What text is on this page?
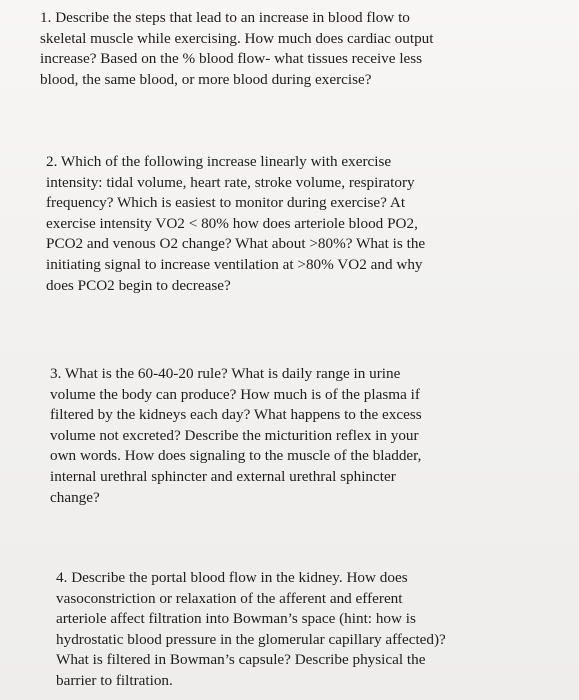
1. Describe the steps that lead to an increase in blood flow to
skeletal muscle while exercising. How much does cardiac output
increase? Based on the % blood flow- what tissues receive less
blood, the same blood, or more blood during exercise?

2. Which of the following increase linearly with exercise
intensity: tidal volume, heart rate, stroke volume, respiratory
frequency? Which is easiest to monitor during exercise? At
exercise intensity VO2 < 80% how does arteriole blood PO2,
PCO2 and venous O2 change? What about >80%? What is the
initiating signal to increase ventilation at >80% VO2 and why
does PCO2 begin to decrease?

3. What is the 60-40-20 rule? What is daily range in urine
volume the body can produce? How much is of the plasma if
filtered by the kidneys each day? What happens to the excess
volume not excreted? Describe the micturition reflex in your
own words. How does signaling to the muscle of the bladder,
internal urethral sphincter and external urethral sphincter
change?

4. Describe the portal blood flow in the kidney. How does
vasoconstriction or relaxation of the afferent and efferent
arteriole affect filtration into Bowman’s space (hint: how is
hydrostatic blood pressure in the glomerular capillary affected)?
What is filtered in Bowman’s capsule? Describe physical the
barrier to filtration.
